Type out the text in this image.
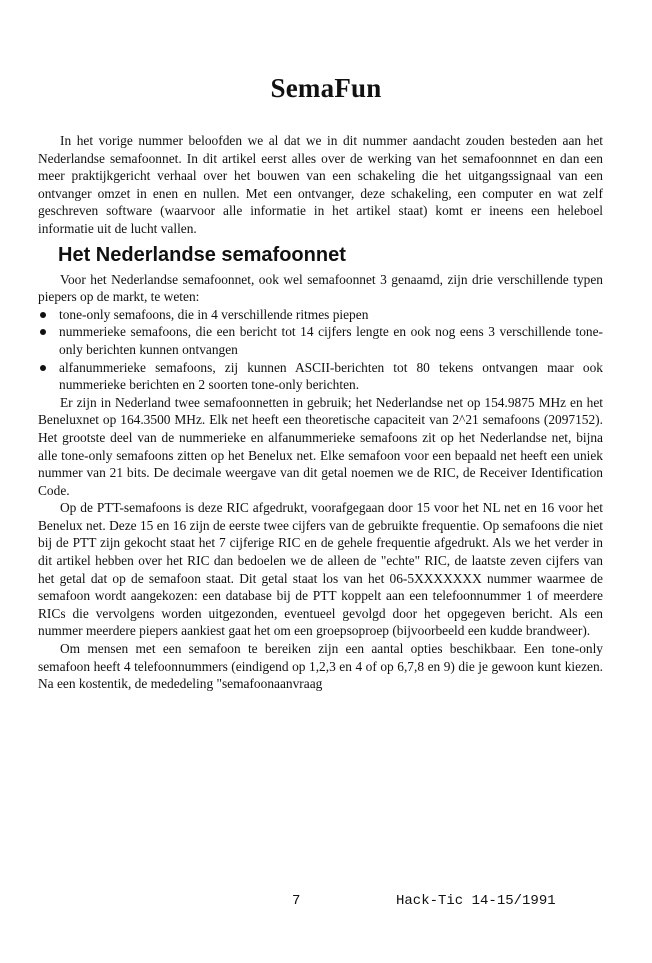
SemaFun

In het vorige nummer beloofden we al dat we in dit nummer aandacht zouden besteden aan het Nederlandse semafoonnet. In dit artikel eerst alles over de werking van het semafoonnnet en dan een meer praktijkgericht verhaal over het bouwen van een schakeling die het uitgangssignaal van een ontvanger omzet in enen en nullen. Met een ontvanger, deze schakeling, een computer en wat zelf geschreven software (waarvoor alle informatie in het artikel staat) komt er ineens een heleboel informatie uit de lucht vallen.

Het Nederlandse semafoonnet

Voor het Nederlandse semafoonnet, ook wel semafoonnet 3 genaamd, zijn drie verschillende typen piepers op de markt, te weten:

tone-only semafoons, die in 4 verschillende ritmes piepen
nummerieke semafoons, die een bericht tot 14 cijfers lengte en ook nog eens 3 verschillende tone-only berichten kunnen ontvangen
alfanummerieke semafoons, zij kunnen ASCII-berichten tot 80 tekens ontvangen maar ook nummerieke berichten en 2 soorten tone-only berichten.

Er zijn in Nederland twee semafoonnetten in gebruik; het Nederlandse net op 154.9875 MHz en het Beneluxnet op 164.3500 MHz. Elk net heeft een theoretische capaciteit van 2^21 semafoons (2097152). Het grootste deel van de nummerieke en alfanummerieke semafoons zit op het Nederlandse net, bijna alle tone-only semafoons zitten op het Benelux net. Elke semafoon voor een bepaald net heeft een uniek nummer van 21 bits. De decimale weergave van dit getal noemen we de RIC, de Receiver Identification Code.

Op de PTT-semafoons is deze RIC afgedrukt, voorafgegaan door 15 voor het NL net en 16 voor het Benelux net. Deze 15 en 16 zijn de eerste twee cijfers van de gebruikte frequentie. Op semafoons die niet bij de PTT zijn gekocht staat het 7 cijferige RIC en de gehele frequentie afgedrukt. Als we het verder in dit artikel hebben over het RIC dan bedoelen we de alleen de "echte" RIC, de laatste zeven cijfers van het getal dat op de semafoon staat. Dit getal staat los van het 06-5XXXXXXX nummer waarmee de semafoon wordt aangekozen: een database bij de PTT koppelt aan een telefoonnummer 1 of meerdere RICs die vervolgens worden uitgezonden, eventueel gevolgd door het opgegeven bericht. Als een nummer meerdere piepers aankiest gaat het om een groepsoproep (bijvoorbeeld een kudde brandweer).

Om mensen met een semafoon te bereiken zijn een aantal opties beschikbaar. Een tone-only semafoon heeft 4 telefoonnummers (eindigend op 1,2,3 en 4 of op 6,7,8 en 9) die je gewoon kunt kiezen. Na een kostentik, de mededeling "semafoonaanvraag

7	Hack-Tic 14-15/1991
